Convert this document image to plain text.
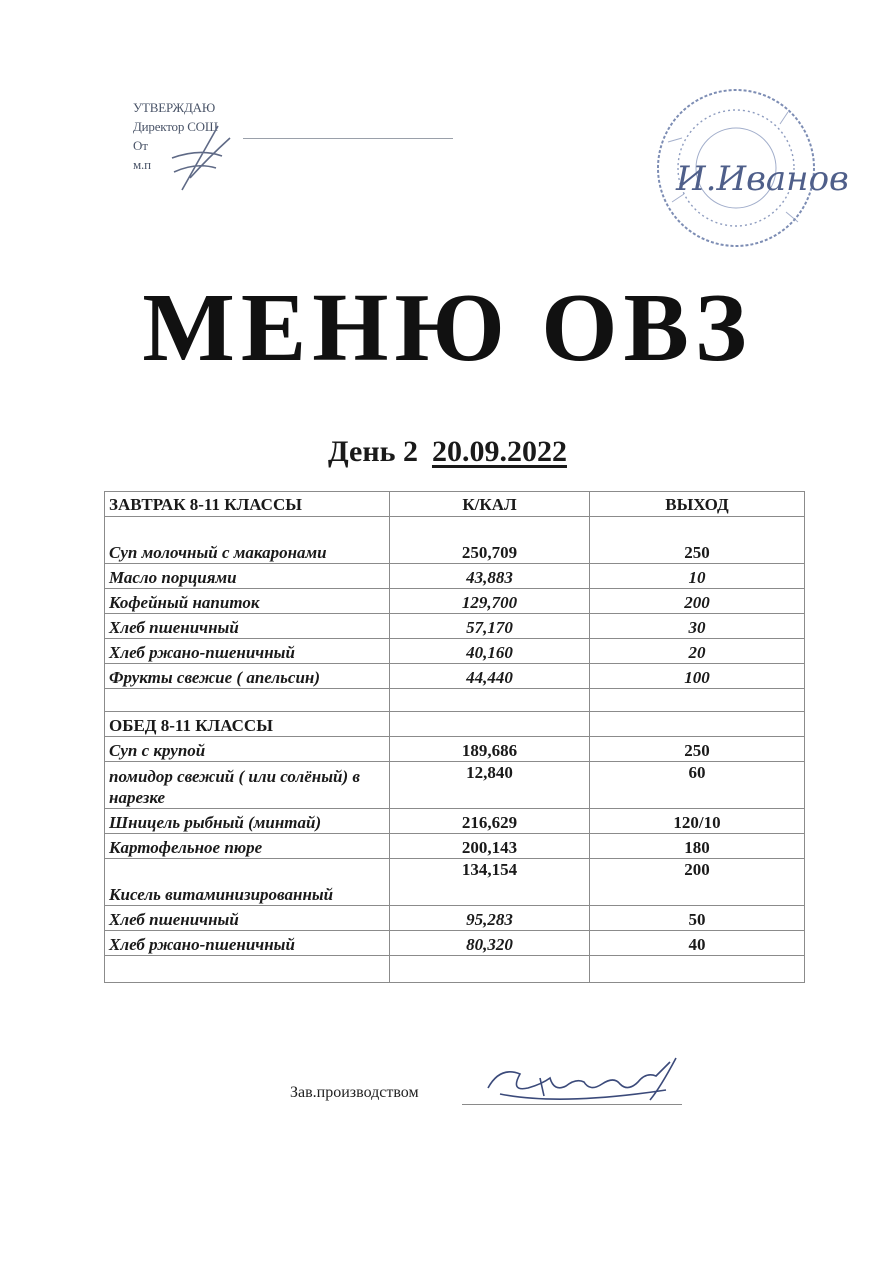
УТВЕРЖДАЮ
Директор СОШ
От
м.п	И.Иванов
МЕНЮ ОВЗ
День 2 20.09.2022
ЗАВТРАК 8-11 КЛАССЫ	К/КАЛ	ВЫХОД
Суп молочный с макаронами	250,709	250
Масло порциями	43,883	10
Кофейный напиток	129,700	200
Хлеб пшеничный	57,170	30
Хлеб ржано-пшеничный	40,160	20
Фрукты свежие ( апельсин)	44,440	100

ОБЕД 8-11 КЛАССЫ		
Суп с крупой	189,686	250
помидор свежий ( или солёный) в нарезке	12,840	60
Шницель рыбный (минтай)	216,629	120/10
Картофельное пюре	200,143	180
Кисель витаминизированный	134,154	200
Хлеб пшеничный	95,283	50
Хлеб ржано-пшеничный	80,320	40

Зав.производством
